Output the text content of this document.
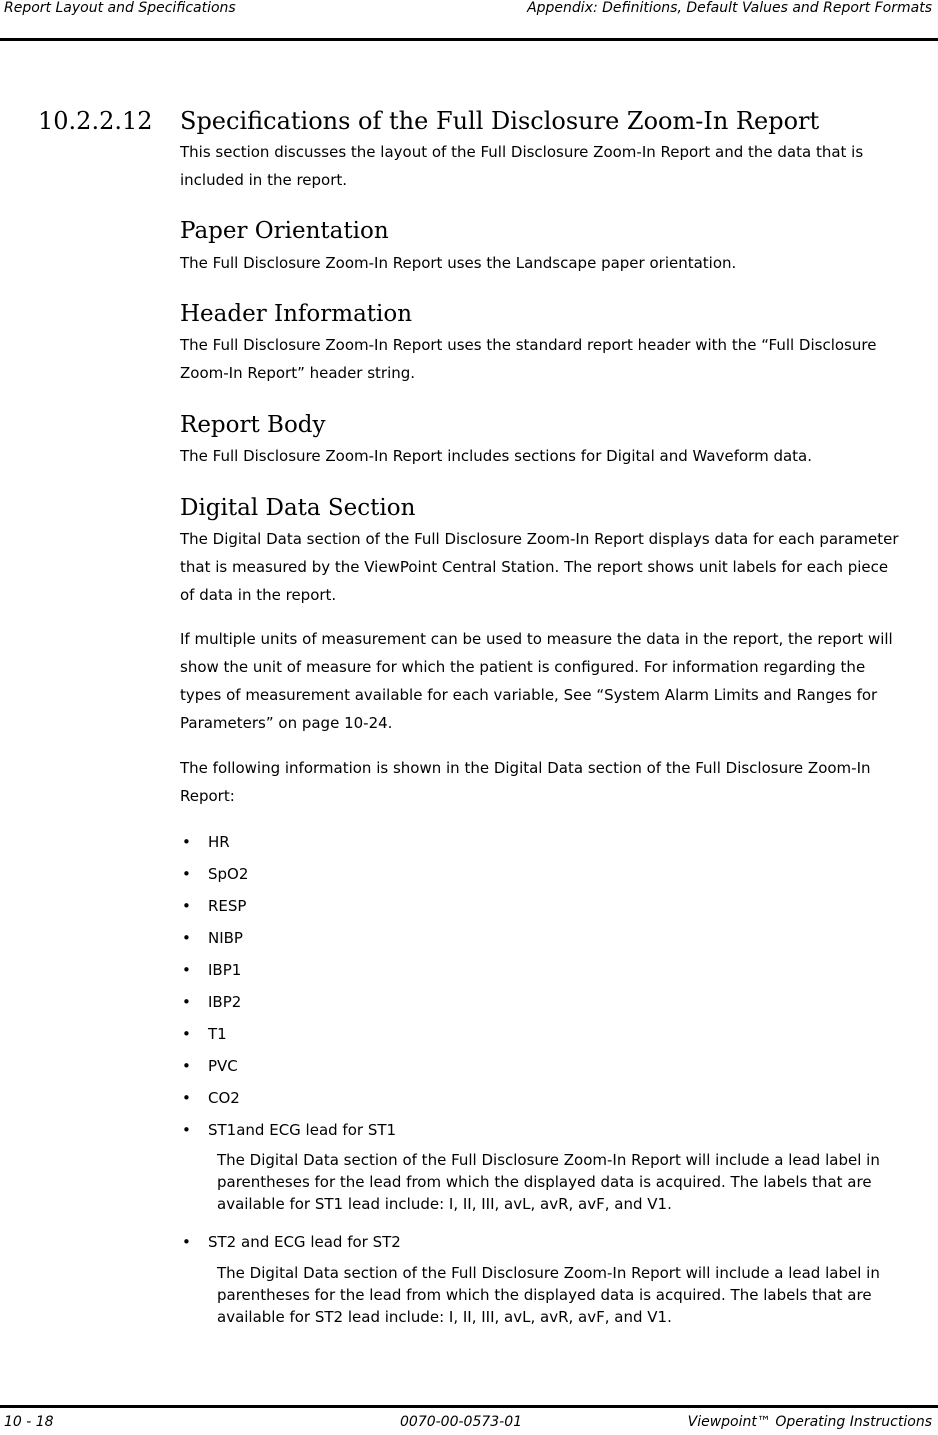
Report Layout and Specifications	Appendix: Definitions, Default Values and Report Formats
10.2.2.12 Specifications of the Full Disclosure Zoom-In Report
This section discusses the layout of the Full Disclosure Zoom-In Report and the data that is included in the report.
Paper Orientation
The Full Disclosure Zoom-In Report uses the Landscape paper orientation.
Header Information
The Full Disclosure Zoom-In Report uses the standard report header with the “Full Disclosure Zoom-In Report” header string.
Report Body
The Full Disclosure Zoom-In Report includes sections for Digital and Waveform data.
Digital Data Section
The Digital Data section of the Full Disclosure Zoom-In Report displays data for each parameter that is measured by the ViewPoint Central Station. The report shows unit labels for each piece of data in the report.
If multiple units of measurement can be used to measure the data in the report, the report will show the unit of measure for which the patient is configured. For information regarding the types of measurement available for each variable, See “System Alarm Limits and Ranges for Parameters” on page 10-24.
The following information is shown in the Digital Data section of the Full Disclosure Zoom-In Report:
• HR
• SpO2
• RESP
• NIBP
• IBP1
• IBP2
• T1
• PVC
• CO2
• ST1and ECG lead for ST1
The Digital Data section of the Full Disclosure Zoom-In Report will include a lead label in parentheses for the lead from which the displayed data is acquired. The labels that are available for ST1 lead include: I, II, III, avL, avR, avF, and V1.
• ST2 and ECG lead for ST2
The Digital Data section of the Full Disclosure Zoom-In Report will include a lead label in parentheses for the lead from which the displayed data is acquired. The labels that are available for ST2 lead include: I, II, III, avL, avR, avF, and V1.
10 - 18	0070-00-0573-01	Viewpoint™ Operating Instructions
